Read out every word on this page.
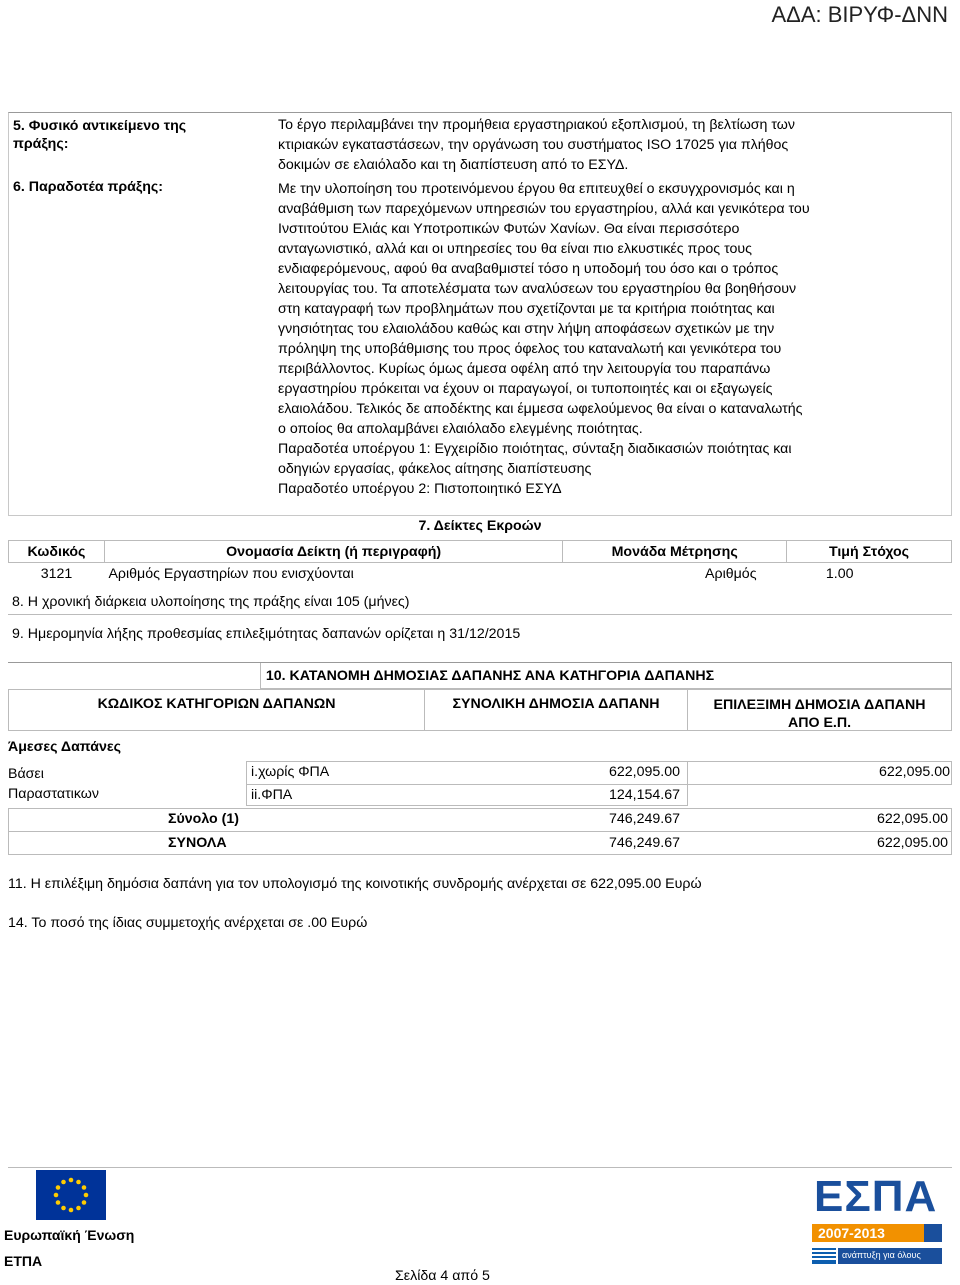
ΑΔΑ: ΒΙΡΥΦ-ΔΝΝ
5. Φυσικό αντικείμενο της
πράξης:
Το έργο περιλαμβάνει την προμήθεια εργαστηριακού εξοπλισμού, τη βελτίωση των
κτιριακών εγκαταστάσεων, την οργάνωση του συστήματος ISO 17025 για πλήθος
δοκιμών σε ελαιόλαδο και τη διαπίστευση από το ΕΣΥΔ.
6. Παραδοτέα πράξης:	Με την υλοποίηση του προτεινόμενου έργου θα επιτευχθεί ο εκσυγχρονισμός και η
αναβάθμιση των παρεχόμενων υπηρεσιών του εργαστηρίου, αλλά και γενικότερα του
Ινστιτούτου Ελιάς και Υποτροπικών Φυτών Χανίων. Θα είναι περισσότερο
ανταγωνιστικό, αλλά και οι υπηρεσίες του θα είναι πιο ελκυστικές προς τους
ενδιαφερόμενους, αφού θα αναβαθμιστεί τόσο η υποδομή του όσο και ο τρόπος
λειτουργίας του. Τα αποτελέσματα των αναλύσεων του εργαστηρίου θα βοηθήσουν
στη καταγραφή των προβλημάτων που σχετίζονται με τα κριτήρια ποιότητας και
γνησιότητας του ελαιολάδου καθώς και στην λήψη αποφάσεων σχετικών με την
πρόληψη της υποβάθμισης του προς όφελος του καταναλωτή και γενικότερα του
περιβάλλοντος. Κυρίως όμως άμεσα οφέλη από την λειτουργία του παραπάνω
εργαστηρίου πρόκειται να έχουν οι παραγωγοί, οι τυποποιητές και οι εξαγωγείς
ελαιολάδου. Τελικός δε αποδέκτης και έμμεσα ωφελούμενος θα είναι ο καταναλωτής
ο οποίος θα απολαμβάνει ελαιόλαδο ελεγμένης ποιότητας.
Παραδοτέα υποέργου 1: Εγχειρίδιο ποιότητας, σύνταξη διαδικασιών ποιότητας και
οδηγιών εργασίας, φάκελος αίτησης διαπίστευσης
Παραδοτέο υποέργου 2: Πιστοποιητικό ΕΣΥΔ
7. Δείκτες Εκροών
Κωδικός	Ονομασία Δείκτη (ή περιγραφή)	Μονάδα Μέτρησης	Τιμή Στόχος
3121	Αριθμός Εργαστηρίων που ενισχύονται	Αριθμός	1.00
8. Η χρονική διάρκεια υλοποίησης της πράξης είναι 105 (μήνες)
9. Ημερομηνία λήξης προθεσμίας επιλεξιμότητας δαπανών ορίζεται η 31/12/2015
10. ΚΑΤΑΝΟΜΗ ΔΗΜΟΣΙΑΣ ΔΑΠΑΝΗΣ ΑΝΑ ΚΑΤΗΓΟΡΙΑ ΔΑΠΑΝΗΣ
ΚΩΔΙΚΟΣ ΚΑΤΗΓΟΡΙΩΝ ΔΑΠΑΝΩΝ	ΣΥΝΟΛΙΚΗ ΔΗΜΟΣΙΑ ΔΑΠΑΝΗ	ΕΠΙΛΕΞΙΜΗ ΔΗΜΟΣΙΑ ΔΑΠΑΝΗ
ΑΠΟ Ε.Π.
Άμεσες Δαπάνες
Βάσει
Παραστατικων
i.χωρίς ΦΠΑ	622,095.00	622,095.00
ii.ΦΠΑ	124,154.67
Σύνολο (1)	746,249.67	622,095.00
ΣΥΝΟΛΑ	746,249.67	622,095.00
11. Η επιλέξιμη δημόσια δαπάνη για τον υπολογισμό της κοινοτικής συνδρομής ανέρχεται σε 622,095.00 Ευρώ
14. Το ποσό της ίδιας συμμετοχής ανέρχεται σε .00 Ευρώ
Ευρωπαϊκή Ένωση
ΕΤΠΑ
Σελίδα 4 από 5
ΕΣΠΑ
2007-2013
ανάπτυξη για όλους
